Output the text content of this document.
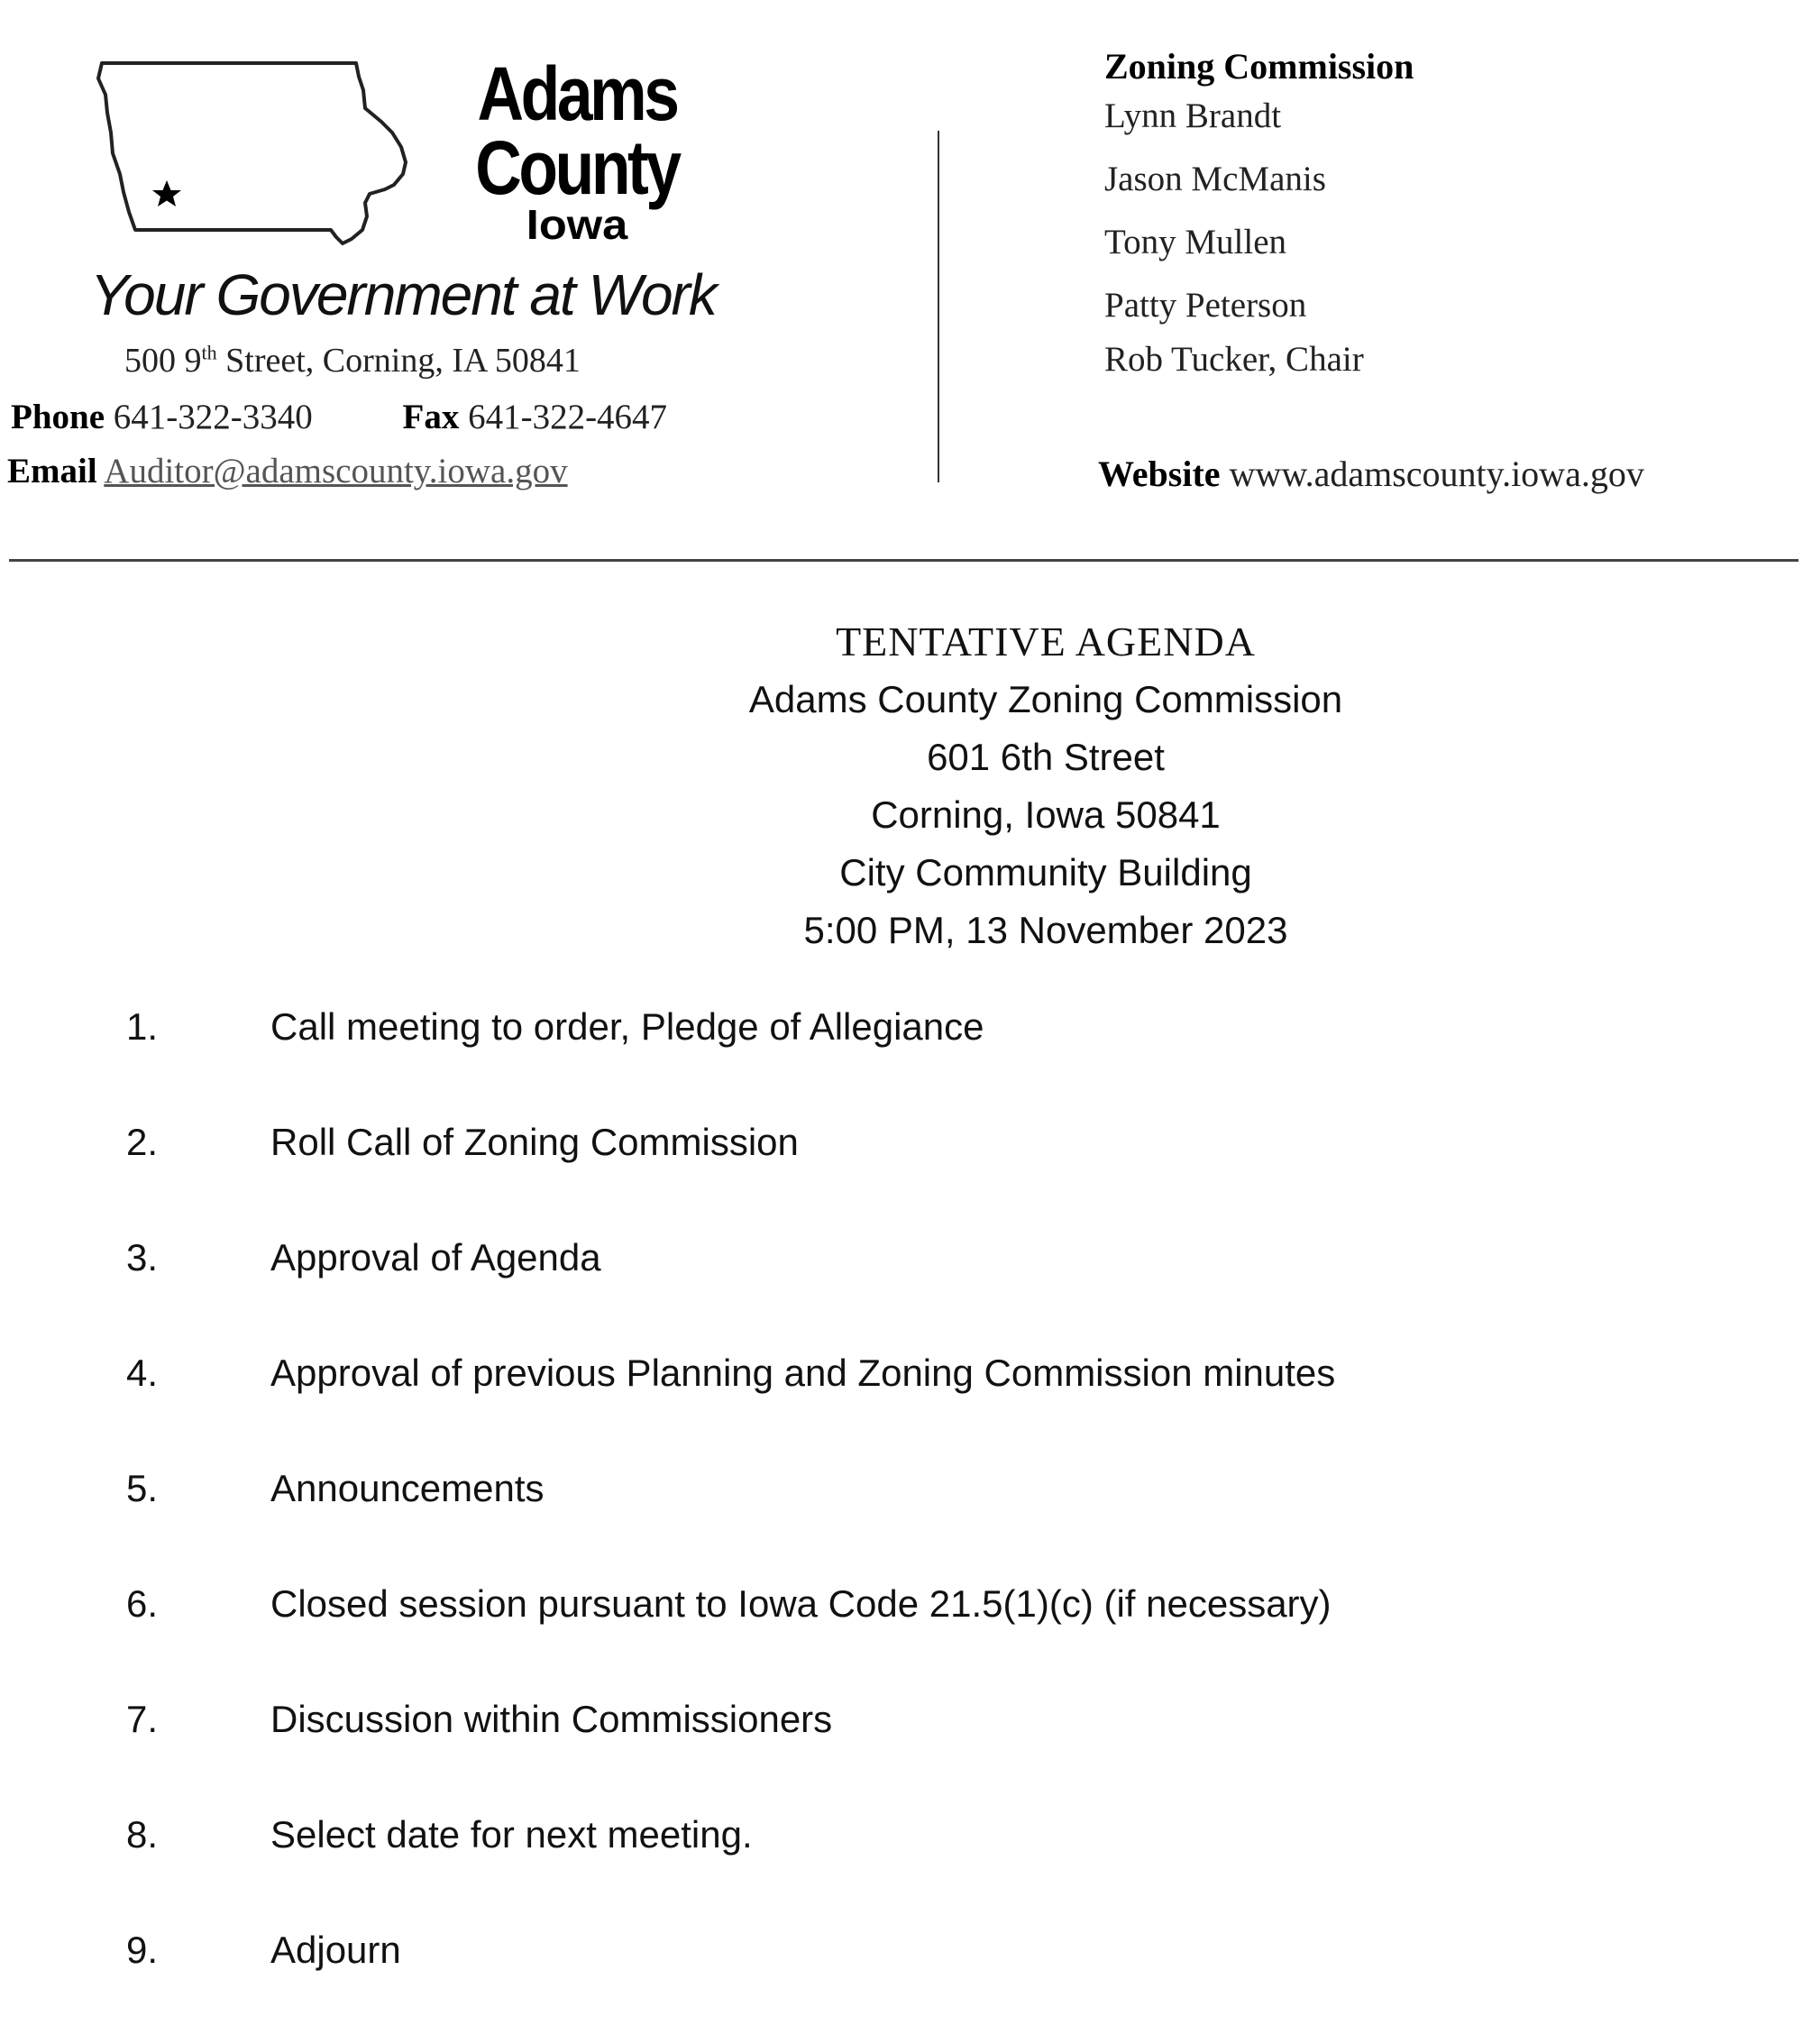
Adams
County
Iowa
Your Government at Work
500 9th Street, Corning, IA 50841
Phone 641-322-3340	Fax 641-322-4647
Email Auditor@adamscounty.iowa.gov
Zoning Commission
Lynn Brandt
Jason McManis
Tony Mullen
Patty Peterson
Rob Tucker, Chair
Website www.adamscounty.iowa.gov
TENTATIVE AGENDA
Adams County Zoning Commission
601 6th Street
Corning, Iowa 50841
City Community Building
5:00 PM, 13 November 2023
1.	Call meeting to order, Pledge of Allegiance
2.	Roll Call of Zoning Commission
3.	Approval of Agenda
4.	Approval of previous Planning and Zoning Commission minutes
5.	Announcements
6.	Closed session pursuant to Iowa Code 21.5(1)(c) (if necessary)
7.	Discussion within Commissioners
8.	Select date for next meeting.
9.	Adjourn
